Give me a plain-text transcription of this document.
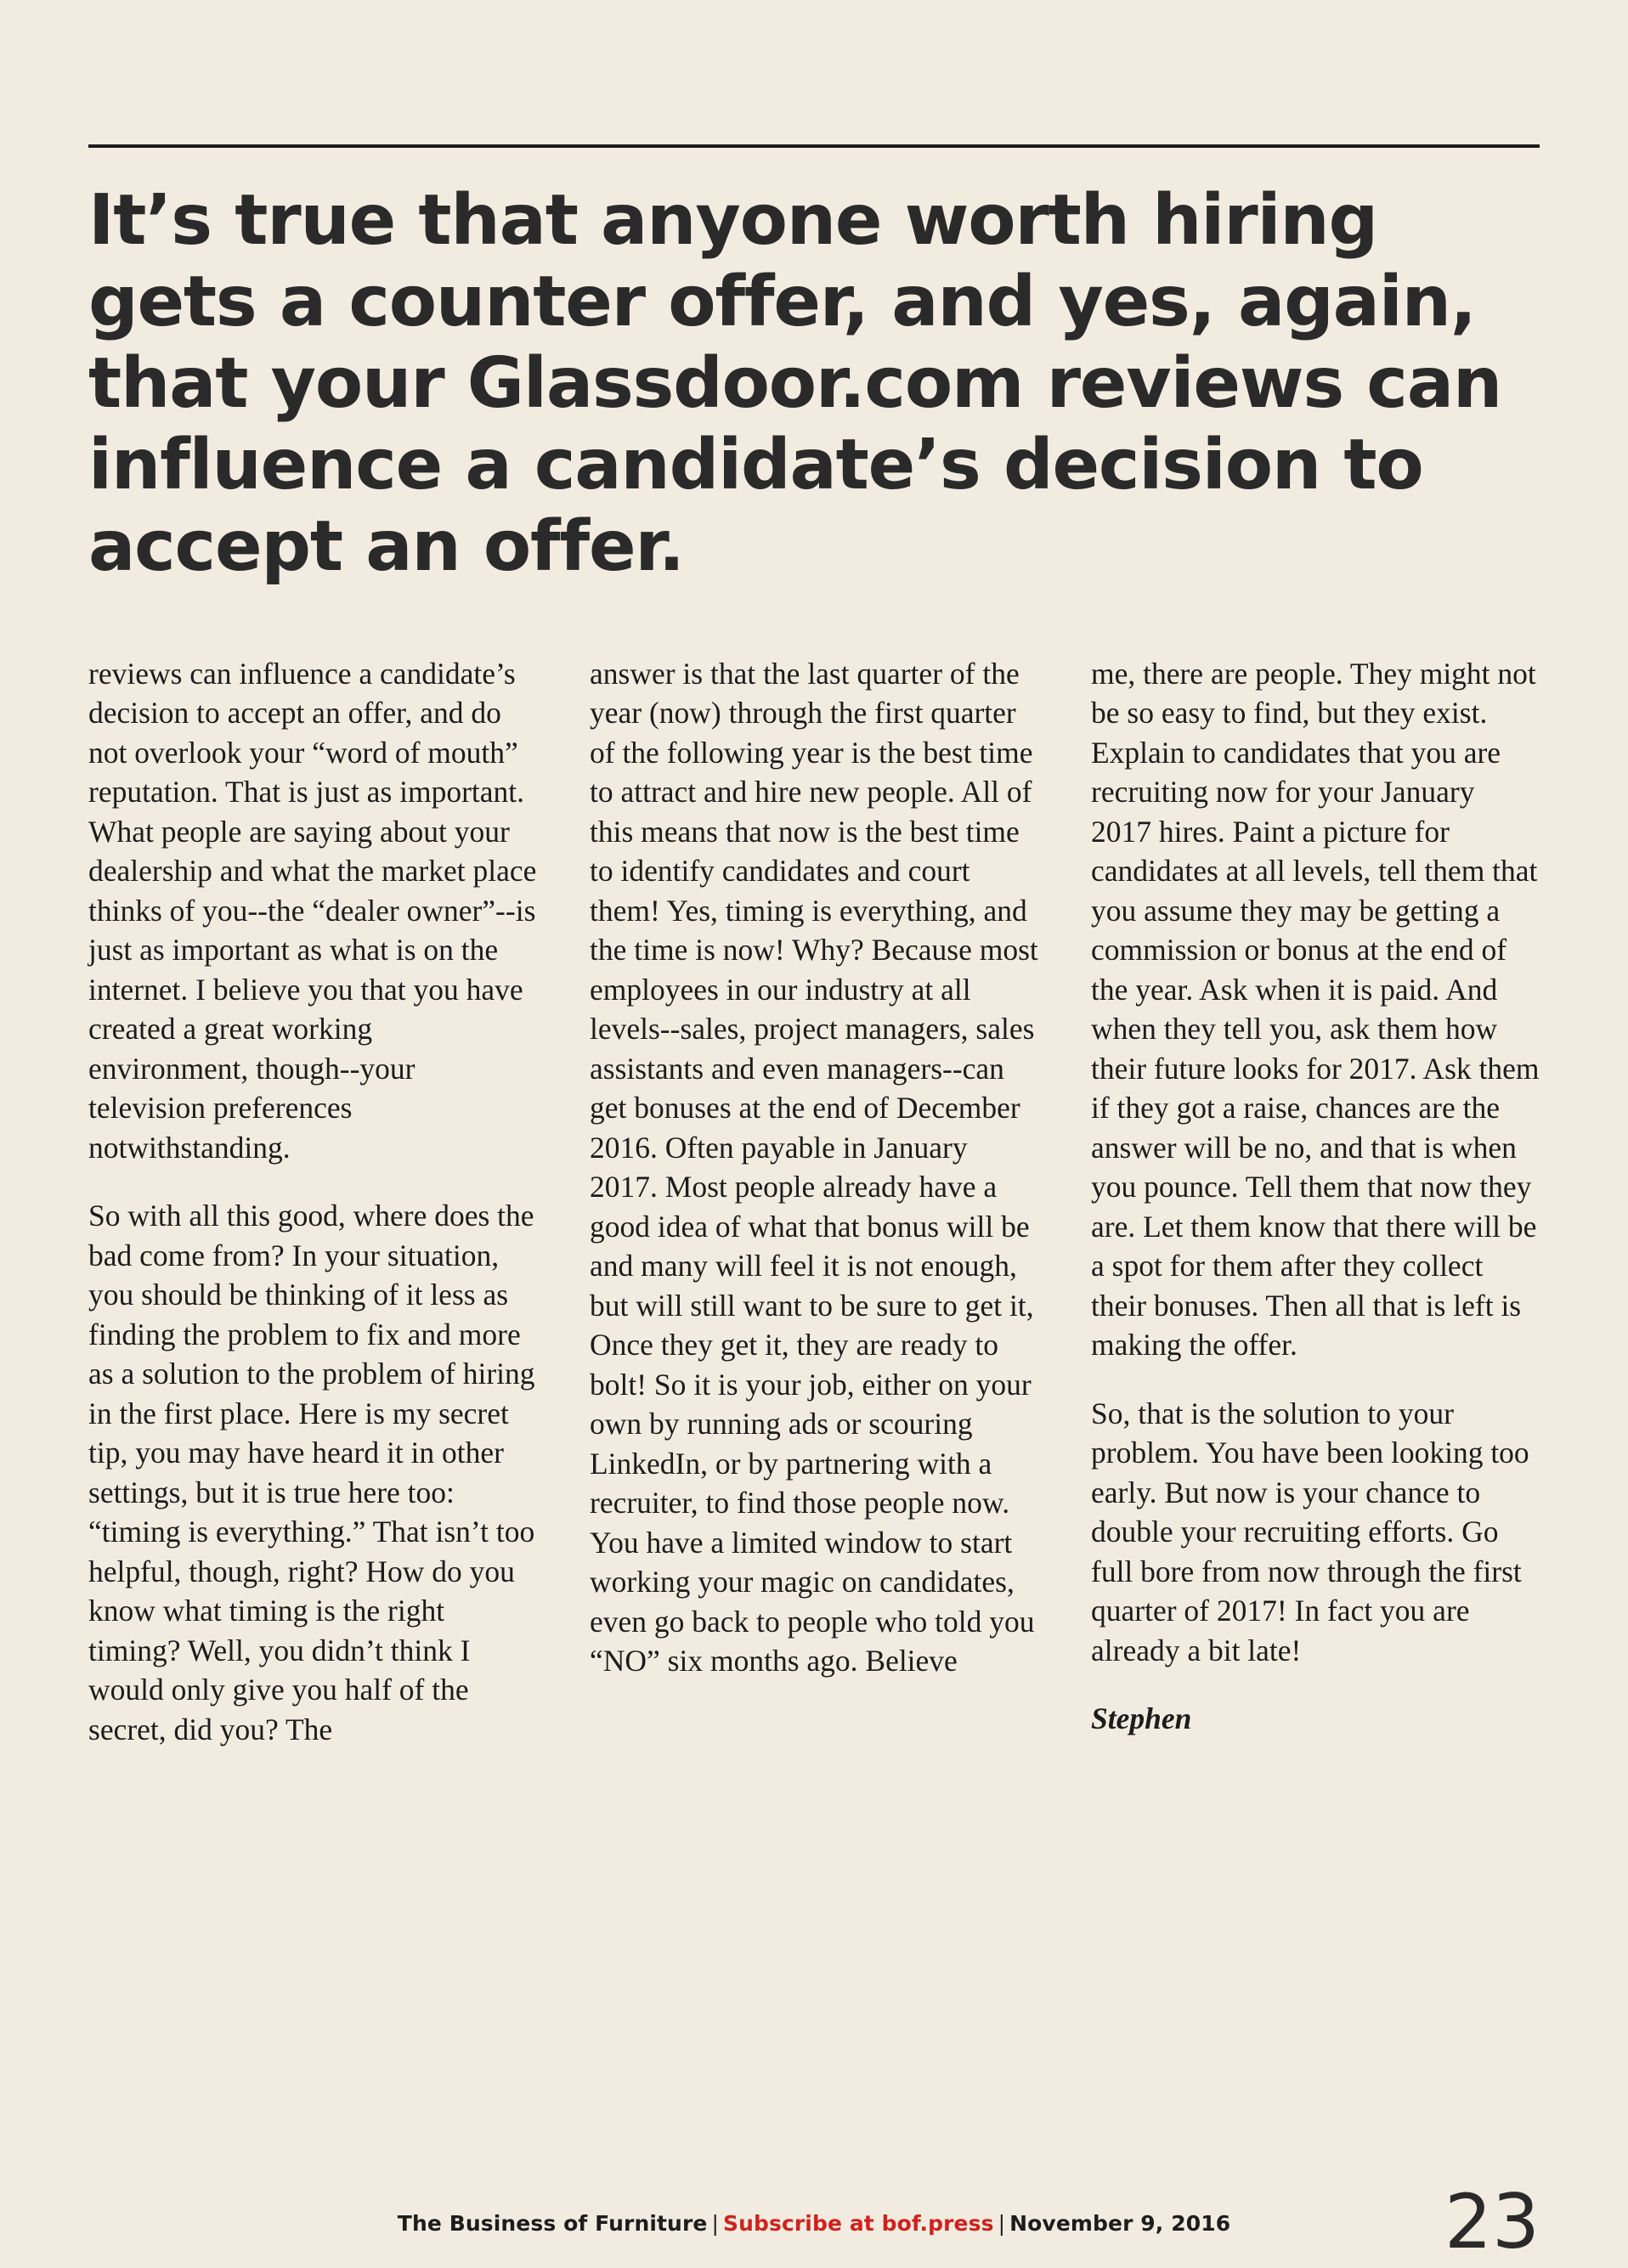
It’s true that anyone worth hiring gets a counter offer, and yes, again, that your Glassdoor.com reviews can influence a candidate’s decision to accept an offer.

reviews can influence a candidate’s decision to accept an offer, and do not overlook your “word of mouth” reputation. That is just as important. What people are saying about your dealership and what the market place thinks of you--the “dealer owner”--is just as important as what is on the internet. I believe you that you have created a great working environment, though--your television preferences notwithstanding.

So with all this good, where does the bad come from? In your situation, you should be thinking of it less as finding the problem to fix and more as a solution to the problem of hiring in the first place. Here is my secret tip, you may have heard it in other settings, but it is true here too: “timing is everything.” That isn’t too helpful, though, right? How do you know what timing is the right timing? Well, you didn’t think I would only give you half of the secret, did you? The

answer is that the last quarter of the year (now) through the first quarter of the following year is the best time to attract and hire new people. All of this means that now is the best time to identify candidates and court them! Yes, timing is everything, and the time is now! Why? Because most employees in our industry at all levels--sales, project managers, sales assistants and even managers--can get bonuses at the end of December 2016. Often payable in January 2017. Most people already have a good idea of what that bonus will be and many will feel it is not enough, but will still want to be sure to get it, Once they get it, they are ready to bolt! So it is your job, either on your own by running ads or scouring LinkedIn, or by partnering with a recruiter, to find those people now. You have a limited window to start working your magic on candidates, even go back to people who told you “NO” six months ago. Believe

me, there are people. They might not be so easy to find, but they exist. Explain to candidates that you are recruiting now for your January 2017 hires. Paint a picture for candidates at all levels, tell them that you assume they may be getting a commission or bonus at the end of the year. Ask when it is paid. And when they tell you, ask them how their future looks for 2017. Ask them if they got a raise, chances are the answer will be no, and that is when you pounce. Tell them that now they are. Let them know that there will be a spot for them after they collect their bonuses. Then all that is left is making the offer.

So, that is the solution to your problem. You have been looking too early. But now is your chance to double your recruiting efforts. Go full bore from now through the first quarter of 2017! In fact you are already a bit late!

Stephen

The Business of Furniture | Subscribe at bof.press | November 9, 2016	23
